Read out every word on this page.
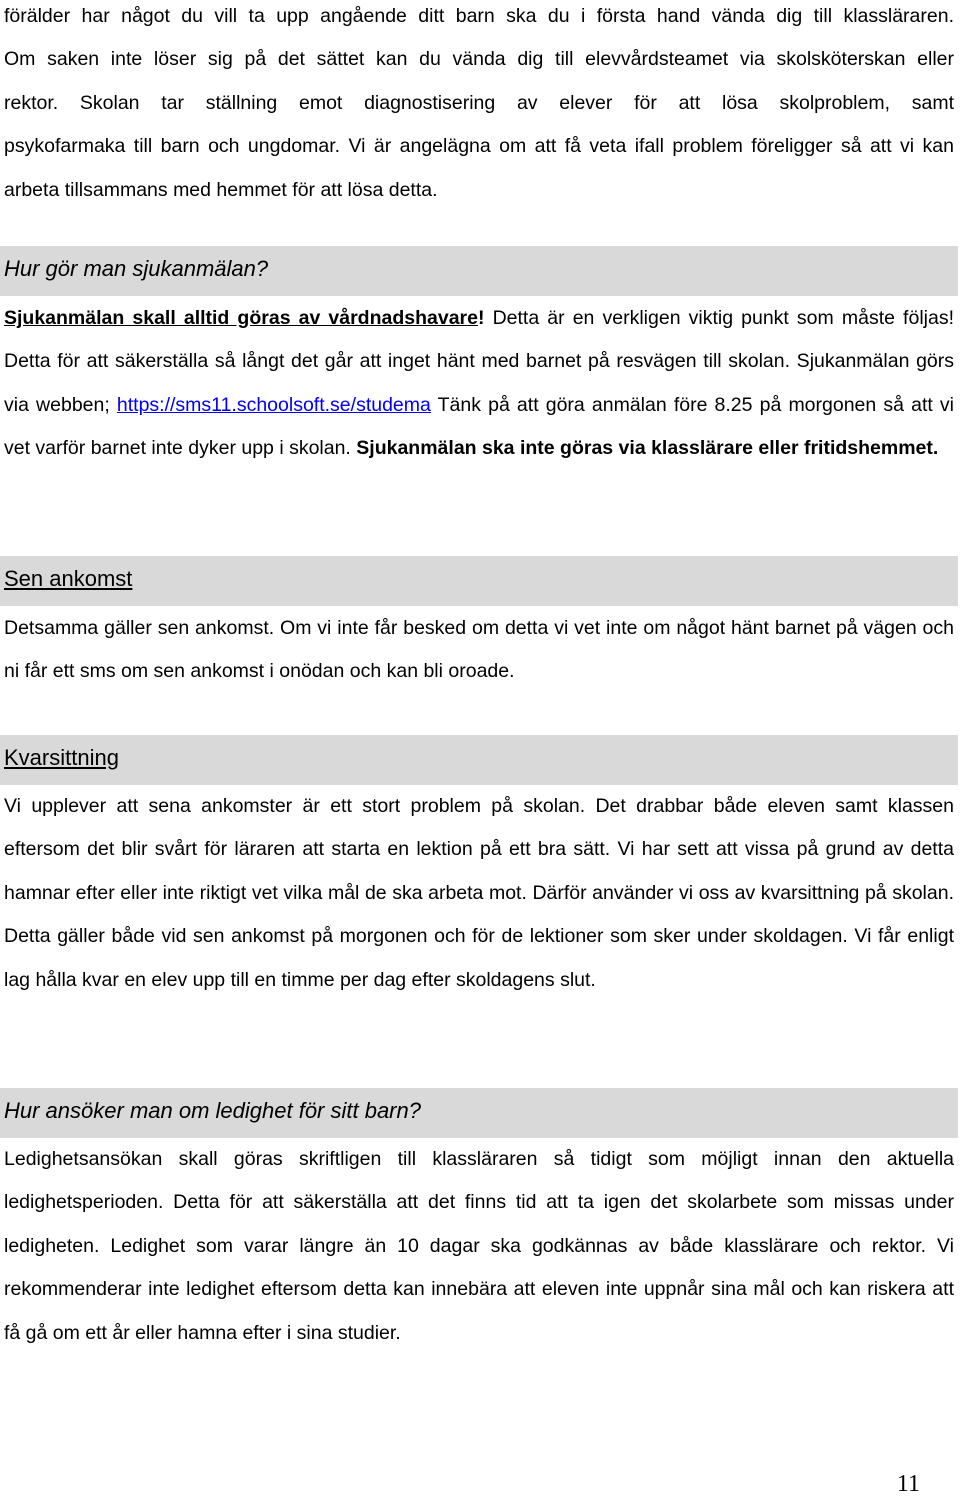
förälder har något du vill ta upp angående ditt barn ska du i första hand vända dig till klassläraren.
Om saken inte löser sig på det sättet kan du vända dig till elevvårdsteamet via skolsköterskan eller
rektor. Skolan tar ställning emot diagnostisering av elever för att lösa skolproblem, samt
psykofarmaka till barn och ungdomar. Vi är angelägna om att få veta ifall problem föreligger så att vi kan arbeta tillsammans med hemmet för att lösa detta.
Hur gör man sjukanmälan?
Sjukanmälan skall alltid göras av vårdnadshavare! Detta är en verkligen viktig punkt som måste följas! Detta för att säkerställa så långt det går att inget hänt med barnet på resvägen till skolan. Sjukanmälan görs via webben; https://sms11.schoolsoft.se/studema Tänk på att göra anmälan före 8.25 på morgonen så att vi vet varför barnet inte dyker upp i skolan. Sjukanmälan ska inte göras via klasslärare eller fritidshemmet.
Sen ankomst
Detsamma gäller sen ankomst. Om vi inte får besked om detta vi vet inte om något hänt barnet på vägen och ni får ett sms om sen ankomst i onödan och kan bli oroade.
Kvarsittning
Vi upplever att sena ankomster är ett stort problem på skolan. Det drabbar både eleven samt klassen eftersom det blir svårt för läraren att starta en lektion på ett bra sätt. Vi har sett att vissa på grund av detta hamnar efter eller inte riktigt vet vilka mål de ska arbeta mot. Därför använder vi oss av kvarsittning på skolan. Detta gäller både vid sen ankomst på morgonen och för de lektioner som sker under skoldagen. Vi får enligt lag hålla kvar en elev upp till en timme per dag efter skoldagens slut.
Hur ansöker man om ledighet för sitt barn?
Ledighetsansökan skall göras skriftligen till klassläraren så tidigt som möjligt innan den aktuella ledighetsperioden. Detta för att säkerställa att det finns tid att ta igen det skolarbete som missas under ledigheten. Ledighet som varar längre än 10 dagar ska godkännas av både klasslärare och rektor. Vi rekommenderar inte ledighet eftersom detta kan innebära att eleven inte uppnår sina mål och kan riskera att få gå om ett år eller hamna efter i sina studier.
11
